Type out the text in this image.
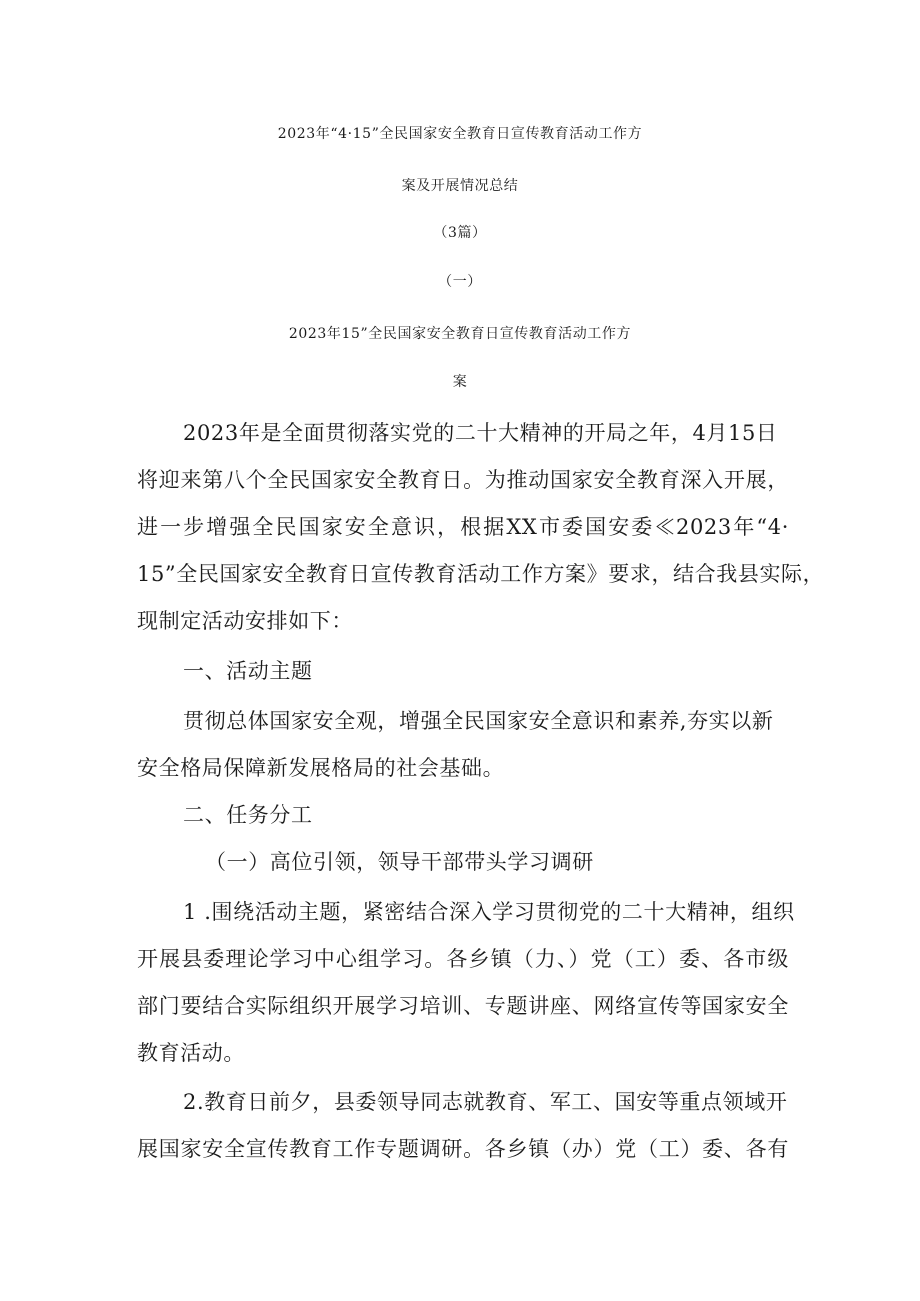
2023年“4·15”全民国家安全教育日宣传教育活动工作方
案及开展情况总结
（3篇）
（一）
2023年15”全民国家安全教育日宣传教育活动工作方
案
2023年是全面贯彻落实党的二十大精神的开局之年，4月15日
将迎来第八个全民国家安全教育日。为推动国家安全教育深入开展，
进一步增强全民国家安全意识，根据XX市委国安委≪2023年“4·
15”全民国家安全教育日宣传教育活动工作方案》要求，结合我县实际，
现制定活动安排如下：
一、活动主题
贯彻总体国家安全观，增强全民国家安全意识和素养,夯实以新
安全格局保障新发展格局的社会基础。
二、任务分工
（一）高位引领，领导干部带头学习调研
1 .围绕活动主题，紧密结合深入学习贯彻党的二十大精神，组织
开展县委理论学习中心组学习。各乡镇（力、）党（工）委、各市级
部门要结合实际组织开展学习培训、专题讲座、网络宣传等国家安全
教育活动。
2.教育日前夕，县委领导同志就教育、军工、国安等重点领域开
展国家安全宣传教育工作专题调研。各乡镇（办）党（工）委、各有
